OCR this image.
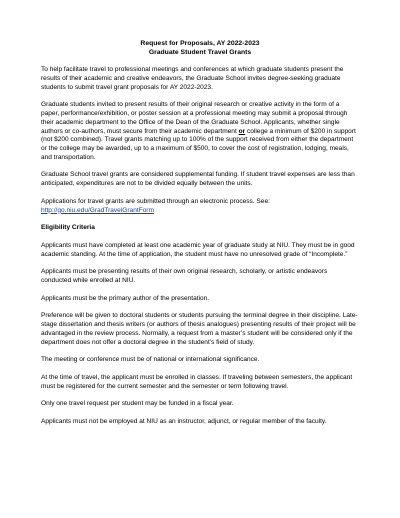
Request for Proposals, AY 2022-2023
Graduate Student Travel Grants

To help facilitate travel to professional meetings and conferences at which graduate students present the results of their academic and creative endeavors, the Graduate School invites degree-seeking graduate students to submit travel grant proposals for AY 2022-2023.

Graduate students invited to present results of their original research or creative activity in the form of a paper, performance/exhibition, or poster session at a professional meeting may submit a proposal through their academic department to the Office of the Dean of the Graduate School. Applicants, whether single authors or co-authors, must secure from their academic department or college a minimum of $200 in support (not $200 combined). Travel grants matching up to 100% of the support received from either the department or the college may be awarded, up to a maximum of $500, to cover the cost of registration, lodging, meals, and transportation.

Graduate School travel grants are considered supplemental funding. If student travel expenses are less than anticipated, expenditures are not to be divided equally between the units.

Applications for travel grants are submitted through an electronic process. See:
http://go.niu.edu/GradTravelGrantForm

Eligibility Criteria

Applicants must have completed at least one academic year of graduate study at NIU. They must be in good academic standing. At the time of application, the student must have no unresolved grade of “Incomplete.”

Applicants must be presenting results of their own original research, scholarly, or artistic endeavors conducted while enrolled at NIU.

Applicants must be the primary author of the presentation.

Preference will be given to doctoral students or students pursuing the terminal degree in their discipline. Late-stage dissertation and thesis writers (or authors of thesis analogues) presenting results of their project will be advantaged in the review process. Normally, a request from a master’s student will be considered only if the department does not offer a doctoral degree in the student’s field of study.

The meeting or conference must be of national or international significance.

At the time of travel, the applicant must be enrolled in classes. If traveling between semesters, the applicant must be registered for the current semester and the semester or term following travel.

Only one travel request per student may be funded in a fiscal year.

Applicants must not be employed at NIU as an instructor, adjunct, or regular member of the faculty.
